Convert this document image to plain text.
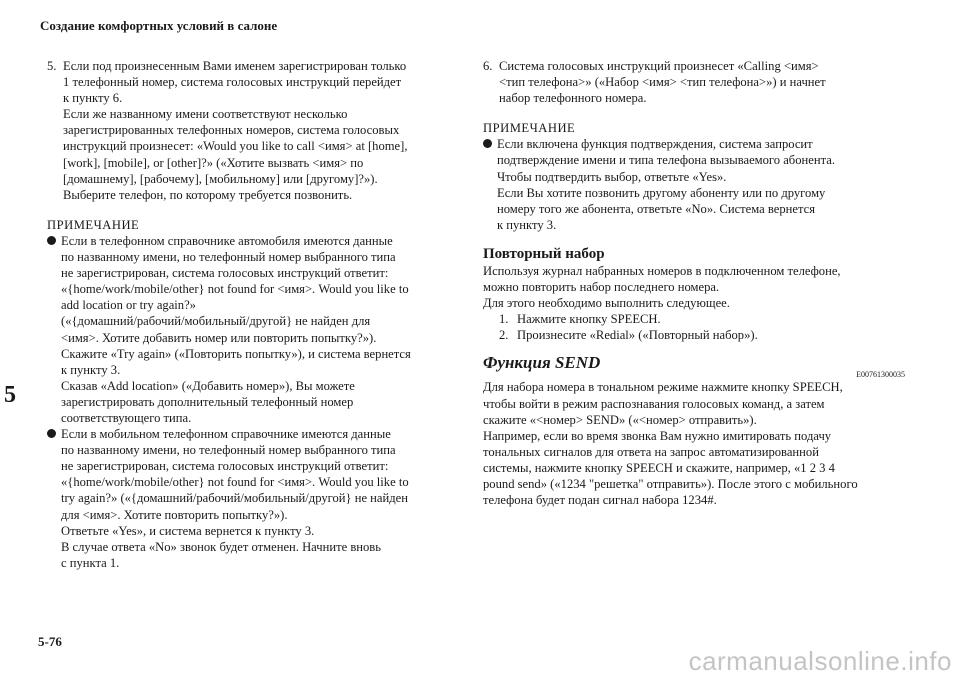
Создание комфортных условий в салоне
5
5. Если под произнесенным Вами именем зарегистрирован только
1 телефонный номер, система голосовых инструкций перейдет
к пункту 6.
Если же названному имени соответствуют несколько
зарегистрированных телефонных номеров, система голосовых
инструкций произнесет: «Would you like to call <имя> at [home],
[work], [mobile], or [other]?» («Хотите вызвать <имя> по
[домашнему], [рабочему], [мобильному] или [другому]?»).
Выберите телефон, по которому требуется позвонить.
ПРИМЕЧАНИЕ
Если в телефонном справочнике автомобиля имеются данные
по названному имени, но телефонный номер выбранного типа
не зарегистрирован, система голосовых инструкций ответит:
«{home/work/mobile/other} not found for <имя>. Would you like to
add location or try again?»
(«{домашний/рабочий/мобильный/другой} не найден для
<имя>. Хотите добавить номер или повторить попытку?»).
Скажите «Try again» («Повторить попытку»), и система вернется
к пункту 3.
Сказав «Add location» («Добавить номер»), Вы можете
зарегистрировать дополнительный телефонный номер
соответствующего типа.
Если в мобильном телефонном справочнике имеются данные
по названному имени, но телефонный номер выбранного типа
не зарегистрирован, система голосовых инструкций ответит:
«{home/work/mobile/other} not found for <имя>. Would you like to
try again?» («{домашний/рабочий/мобильный/другой} не найден
для <имя>. Хотите повторить попытку?»).
Ответьте «Yes», и система вернется к пункту 3.
В случае ответа «No» звонок будет отменен. Начните вновь
с пункта 1.
6. Система голосовых инструкций произнесет «Calling <имя>
<тип телефона>» («Набор <имя> <тип телефона>») и начнет
набор телефонного номера.
ПРИМЕЧАНИЕ
Если включена функция подтверждения, система запросит
подтверждение имени и типа телефона вызываемого абонента.
Чтобы подтвердить выбор, ответьте «Yes».
Если Вы хотите позвонить другому абоненту или по другому
номеру того же абонента, ответьте «No». Система вернется
к пункту 3.
Повторный набор
Используя журнал набранных номеров в подключенном телефоне,
можно повторить набор последнего номера.
Для этого необходимо выполнить следующее.
1. Нажмите кнопку SPEECH.
2. Произнесите «Redial» («Повторный набор»).
Функция SEND
E00761300035
Для набора номера в тональном режиме нажмите кнопку SPEECH,
чтобы войти в режим распознавания голосовых команд, а затем
скажите «<номер> SEND» («<номер> отправить»).
Например, если во время звонка Вам нужно имитировать подачу
тональных сигналов для ответа на запрос автоматизированной
системы, нажмите кнопку SPEECH и скажите, например, «1 2 3 4
pound send» («1234 "решетка" отправить»). После этого с мобильного
телефона будет подан сигнал набора 1234#.
5-76
carmanualsonline.info
